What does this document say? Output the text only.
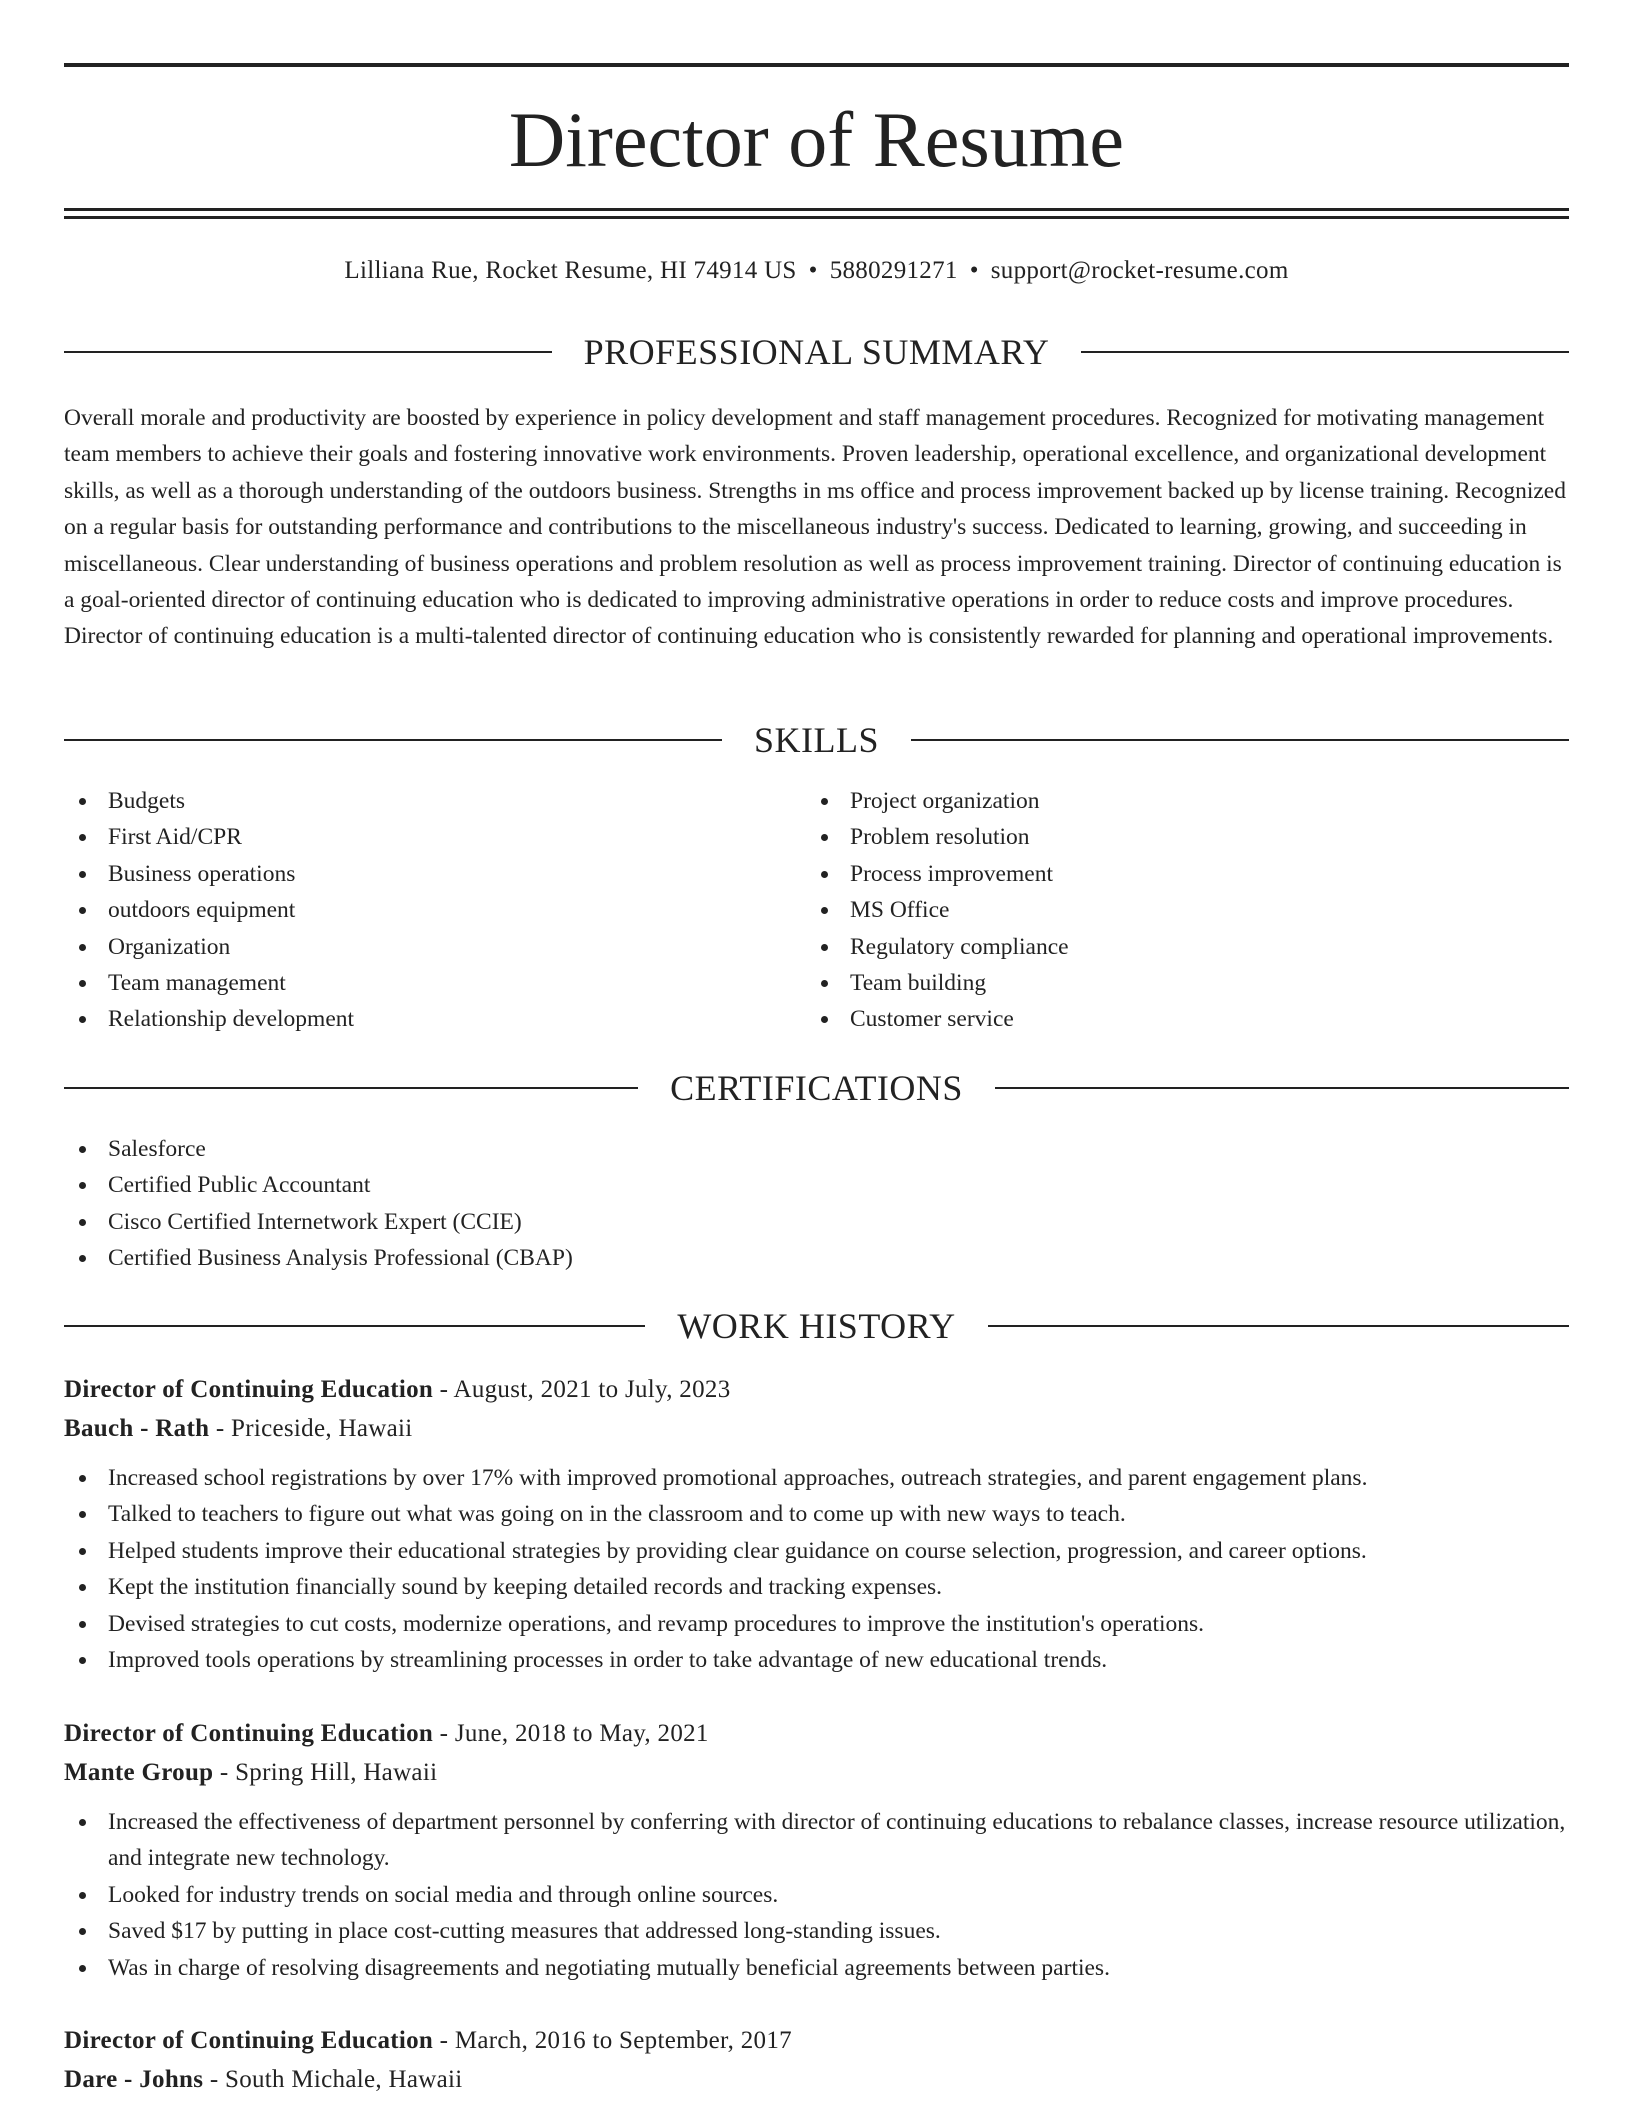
Director of Resume
Lilliana Rue, Rocket Resume, HI 74914 US • 5880291271 • support@rocket-resume.com
PROFESSIONAL SUMMARY

Overall morale and productivity are boosted by experience in policy development and staff management procedures. Recognized for motivating management team members to achieve their goals and fostering innovative work environments. Proven leadership, operational excellence, and organizational development skills, as well as a thorough understanding of the outdoors business. Strengths in ms office and process improvement backed up by license training. Recognized on a regular basis for outstanding performance and contributions to the miscellaneous industry's success. Dedicated to learning, growing, and succeeding in miscellaneous. Clear understanding of business operations and problem resolution as well as process improvement training. Director of continuing education is a goal-oriented director of continuing education who is dedicated to improving administrative operations in order to reduce costs and improve procedures. Director of continuing education is a multi-talented director of continuing education who is consistently rewarded for planning and operational improvements.

SKILLS
Budgets
First Aid/CPR
Business operations
outdoors equipment
Organization
Team management
Relationship development
Project organization
Problem resolution
Process improvement
MS Office
Regulatory compliance
Team building
Customer service
CERTIFICATIONS
Salesforce
Certified Public Accountant
Cisco Certified Internetwork Expert (CCIE)
Certified Business Analysis Professional (CBAP)
WORK HISTORY
Director of Continuing Education - August, 2021 to July, 2023
Bauch - Rath - Priceside, Hawaii
Increased school registrations by over 17% with improved promotional approaches, outreach strategies, and parent engagement plans.
Talked to teachers to figure out what was going on in the classroom and to come up with new ways to teach.
Helped students improve their educational strategies by providing clear guidance on course selection, progression, and career options.
Kept the institution financially sound by keeping detailed records and tracking expenses.
Devised strategies to cut costs, modernize operations, and revamp procedures to improve the institution's operations.
Improved tools operations by streamlining processes in order to take advantage of new educational trends.
Director of Continuing Education - June, 2018 to May, 2021
Mante Group - Spring Hill, Hawaii
Increased the effectiveness of department personnel by conferring with director of continuing educations to rebalance classes, increase resource utilization, and integrate new technology.
Looked for industry trends on social media and through online sources.
Saved $17 by putting in place cost-cutting measures that addressed long-standing issues.
Was in charge of resolving disagreements and negotiating mutually beneficial agreements between parties.
Director of Continuing Education - March, 2016 to September, 2017
Dare - Johns - South Michale, Hawaii
